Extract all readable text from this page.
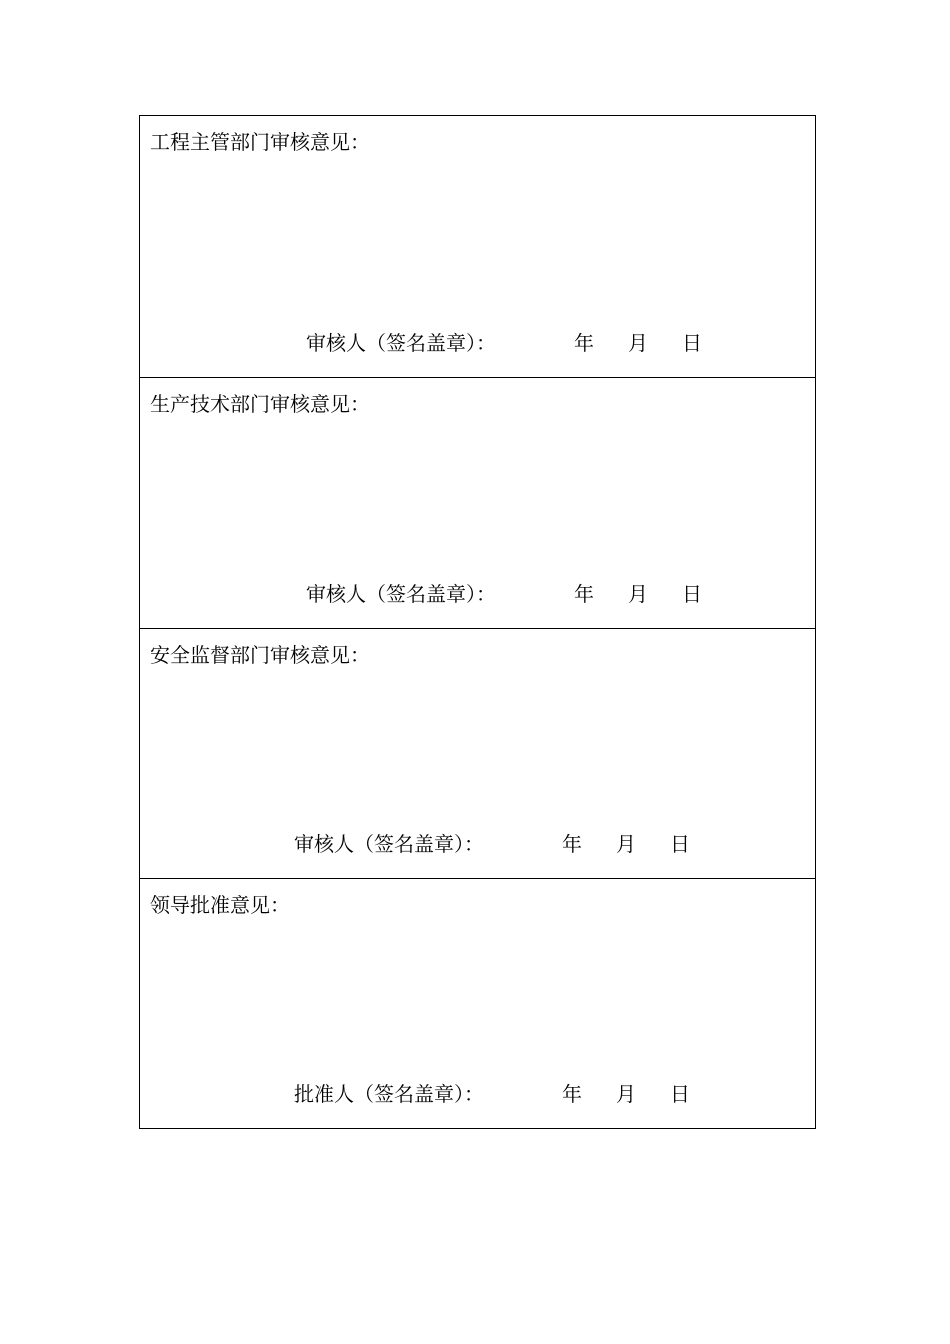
工程主管部门审核意见：
审核人（签名盖章）：	年 月 日
生产技术部门审核意见：
审核人（签名盖章）：	年 月 日
安全监督部门审核意见：
审核人（签名盖章）：	年 月 日
领导批准意见：
批准人（签名盖章）：	年 月 日
